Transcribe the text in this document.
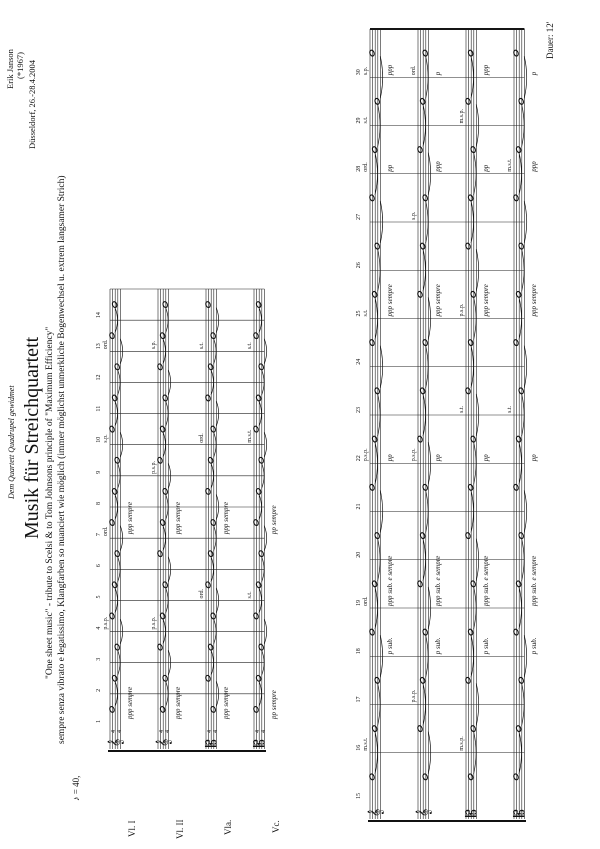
Dem Quartett Quadrupel gewidmet Musik für Streichquartett "One sheet music" - tribute to Scelsi & to Tom Johnsons principle of "Maximum Efficiency" sempre senza vibrato e legatissimo, Klangfarben so nuanciert wie möglich (immer möglichst unmerkliche Bogenwechsel u. extrem langsamer Strich)
♪ = 40,
Erik Janson (*1967) Düsseldorf, 26.-28.4.2004
Vl. I	Vl. II	Vla.	Vc.
Dauer: 12'
𝄞
4 4
𝄞
4 4
𝄡
4 4
𝄡
4 4
1
2
3
4
5
6
7
8
9
10
11
12
13
14
ppp sempre
ppp sempre
ppp sempre
ppp sempre
ppp sempre
ppp sempre
pp sempre
pp sempre
p.s.p.
ord.
s.p.
ord.	s.p.
p.s.p.
p.s.p.
ord.
ord.
s.t.
s.t.
m.s.t.
s.t.
𝄞 𝄞 𝄡 𝄡
15
16
17
18
19
20
21
22
23
24
25
26
27
28
29
30
p sub.
ppp sub. e sempre
pp
ppp sempre
pp
ppp
p sub.
ppp sub. e sempre
pp
ppp sempre
ppp
p
p sub.
ppp sub. e sempre
pp
ppp sempre
pp
ppp
p sub.
ppp sub. e sempre
pp
ppp sempre
ppp
p
m.s.t.
ord.
p.s.p.
s.t.
ord.
s.t.
s.p.
p.s.p.
p.s.p.
s.p.
ord.
m.s.p.
s.t.
p.s.p.
m.s.p.
s.t.
m.s.t.
